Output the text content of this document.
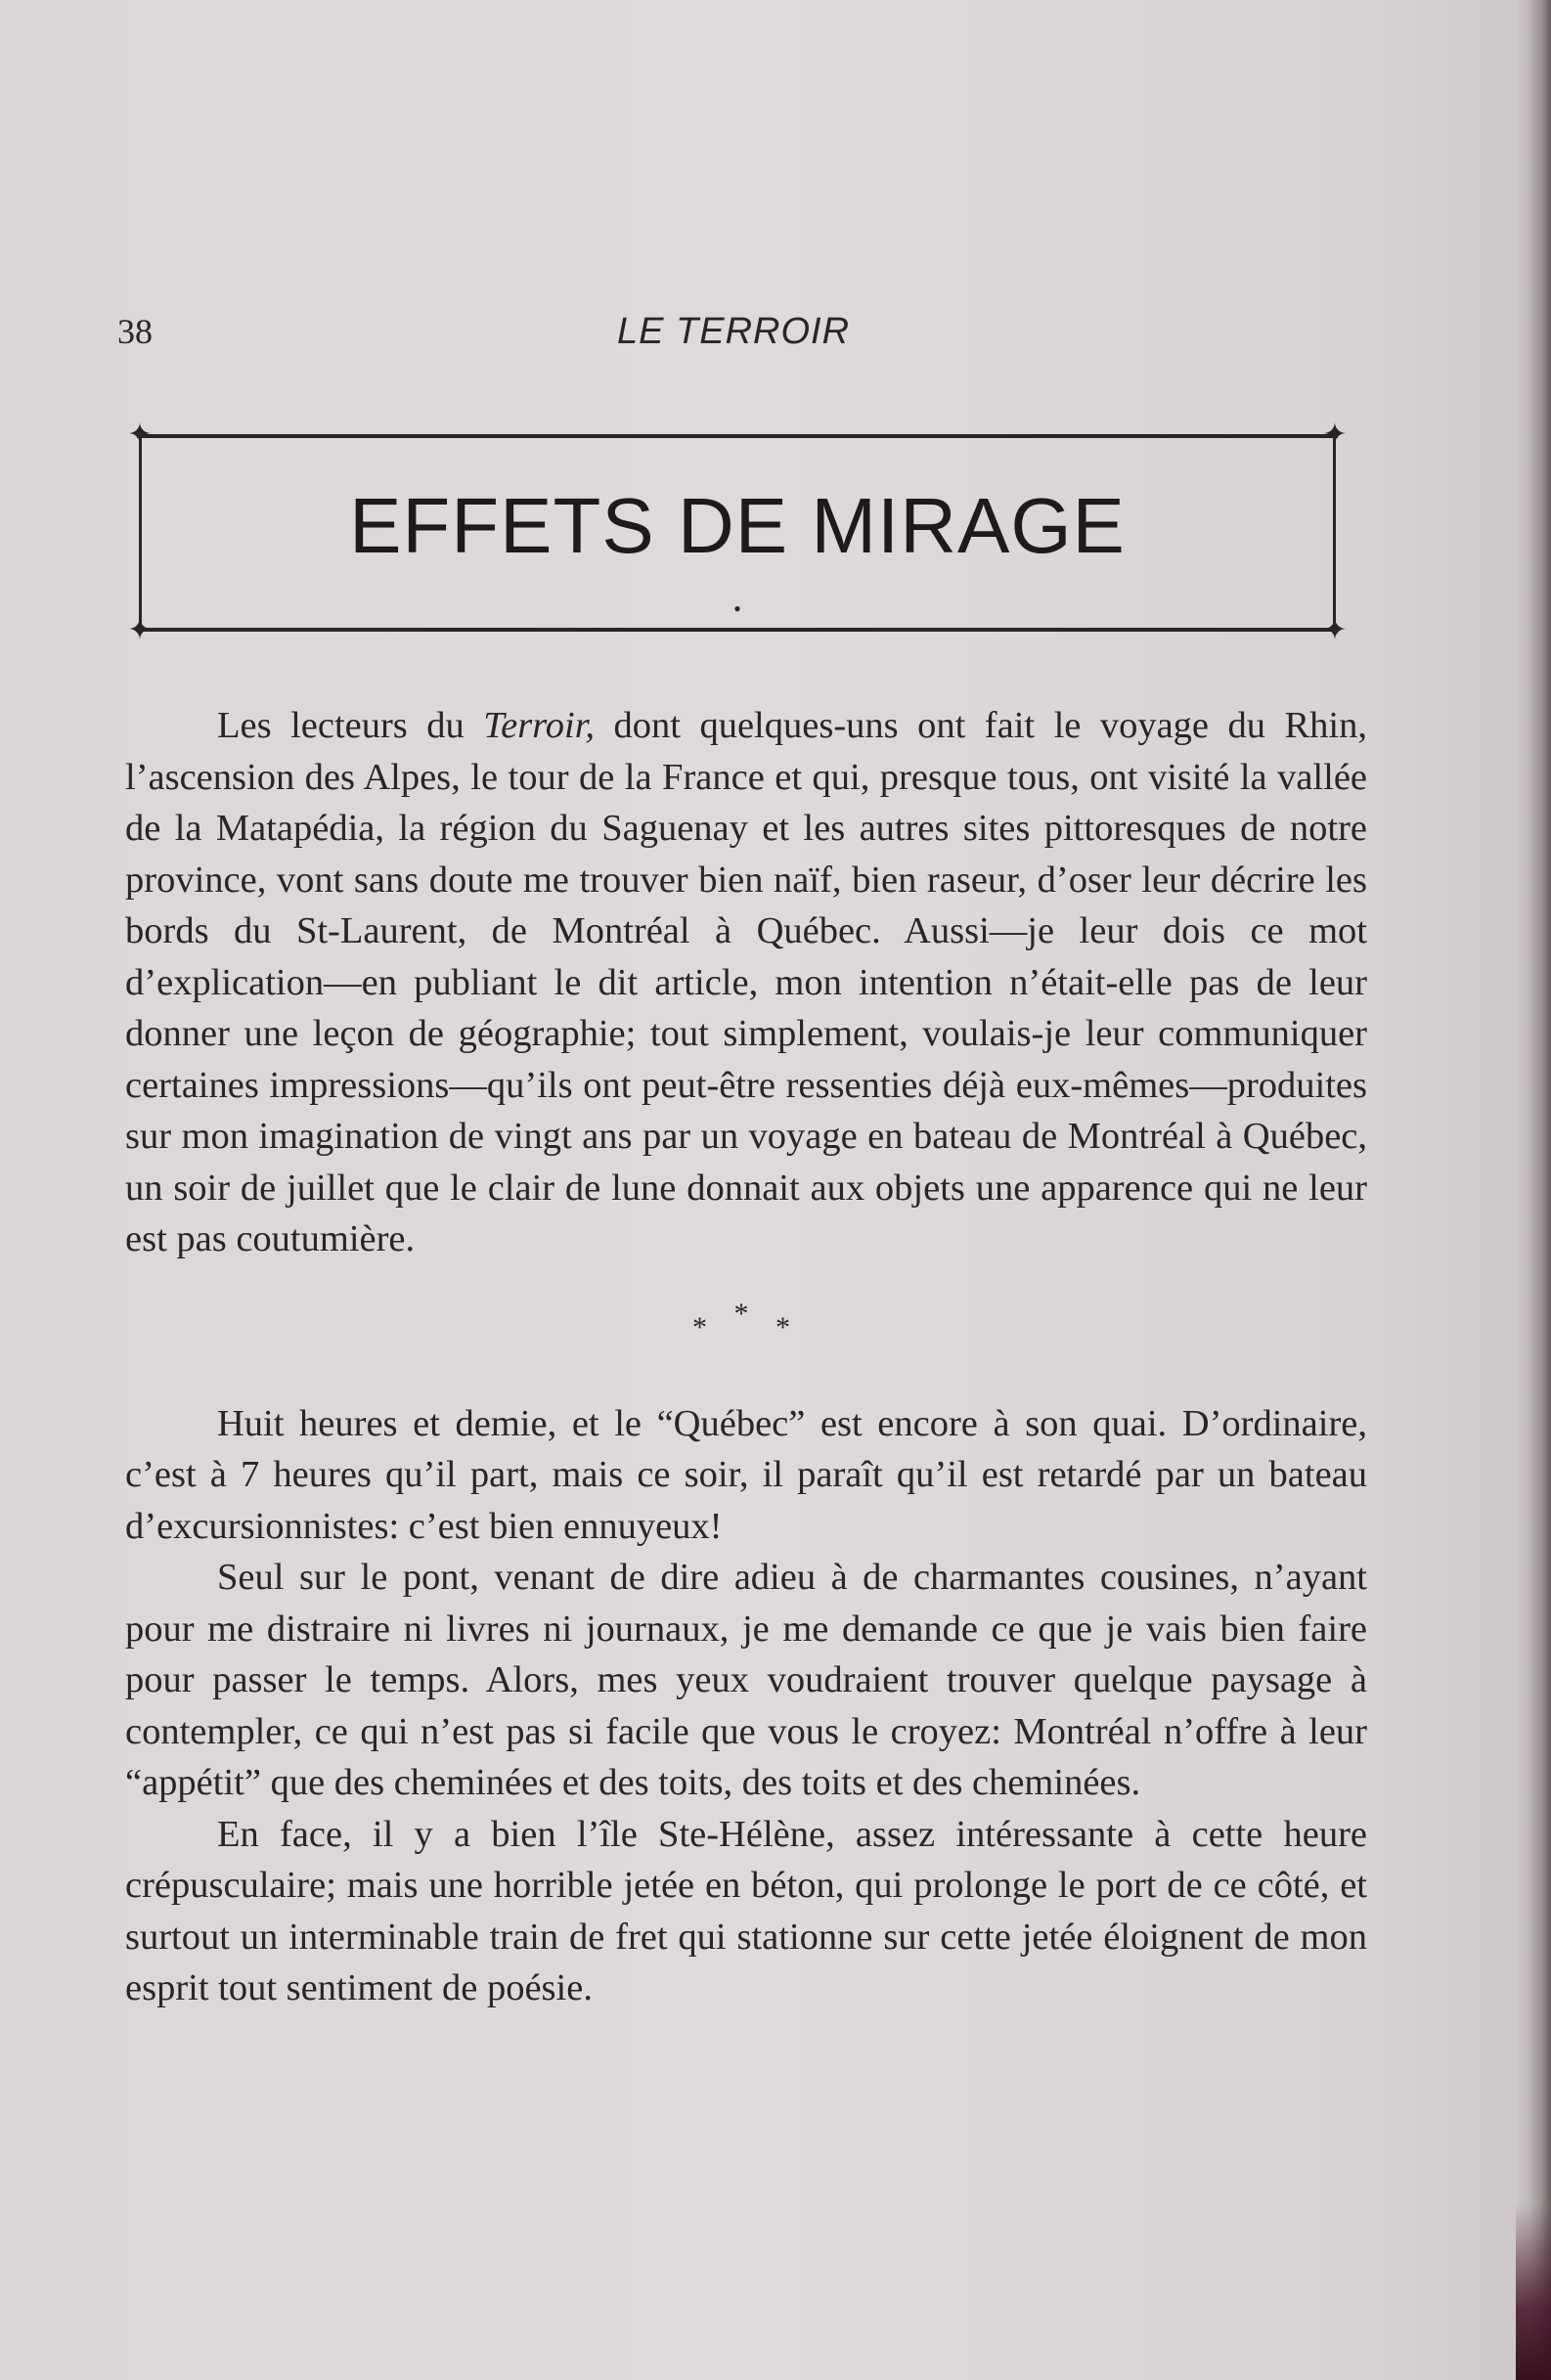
38	LE TERROIR
✦	✦
✦	✦
EFFETS DE MIRAGE
•

Les lecteurs du Terroir, dont quelques-uns ont fait le voyage du Rhin, l’ascension des Alpes, le tour de la France et qui, presque tous, ont visité la vallée de la Matapédia, la région du Saguenay et les autres sites pittoresques de notre province, vont sans doute me trouver bien naïf, bien raseur, d’oser leur décrire les bords du St-Laurent, de Montréal à Québec. Aussi—je leur dois ce mot d’explication—en publiant le dit article, mon intention n’était-elle pas de leur donner une leçon de géographie; tout simplement, voulais-je leur communiquer certaines impressions—qu’ils ont peut-être ressenties déjà eux-mêmes—produites sur mon imagination de vingt ans par un voyage en bateau de Montréal à Québec, un soir de juillet que le clair de lune donnait aux objets une apparence qui ne leur est pas coutumière.

* * *

Huit heures et demie, et le “Québec” est encore à son quai. D’ordinaire, c’est à 7 heures qu’il part, mais ce soir, il paraît qu’il est retardé par un bateau d’excursionnistes: c’est bien ennuyeux!

Seul sur le pont, venant de dire adieu à de charmantes cousines, n’ayant pour me distraire ni livres ni journaux, je me demande ce que je vais bien faire pour passer le temps. Alors, mes yeux voudraient trouver quelque paysage à contempler, ce qui n’est pas si facile que vous le croyez: Montréal n’offre à leur “appétit” que des cheminées et des toits, des toits et des cheminées.

En face, il y a bien l’île Ste-Hélène, assez intéressante à cette heure crépusculaire; mais une horrible jetée en béton, qui prolonge le port de ce côté, et surtout un interminable train de fret qui stationne sur cette jetée éloignent de mon esprit tout sentiment de poésie.
